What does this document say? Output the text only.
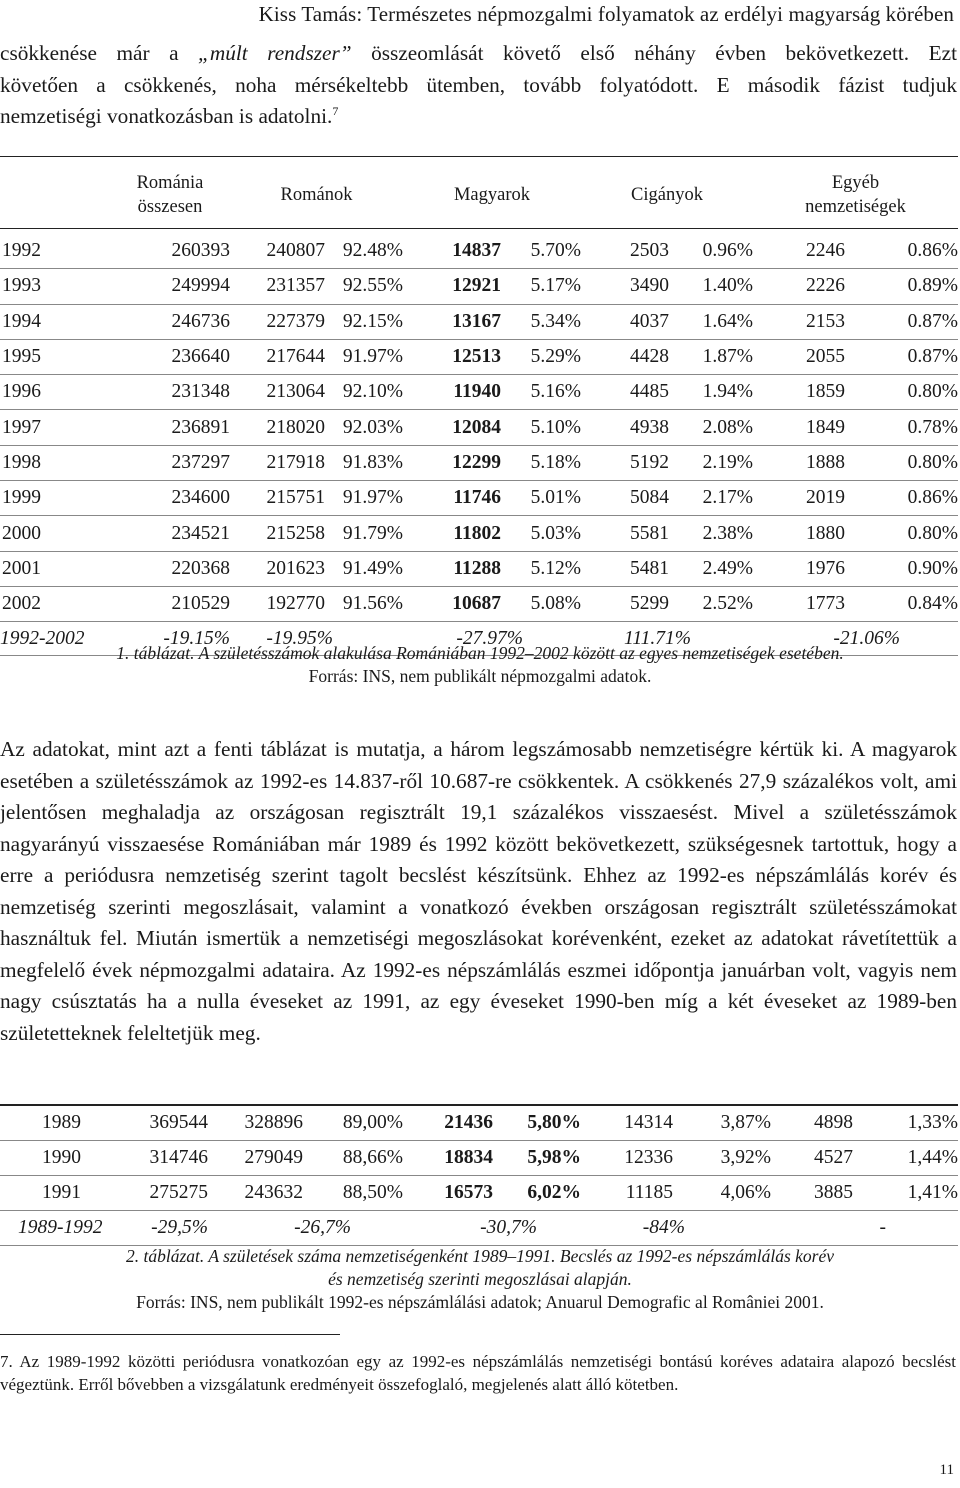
Kiss Tamás: Természetes népmozgalmi folyamatok az erdélyi magyarság körében
csökkenése már a „múlt rendszer” összeomlását követő első néhány évben bekövetkezett. Ezt
követően a csökkenés, noha mérsékeltebb ütemben, tovább folyatódott. E második fázist tudjuk
nemzetiségi vonatkozásban is adatolni.$^7$
	Románia
összesen	Románok		Magyarok		Cigányok		Egyéb
nemzetiségek	
1992	260393	240807	92.48%	14837	5.70%	2503	0.96%	2246	0.86%
1993	249994	231357	92.55%	12921	5.17%	3490	1.40%	2226	0.89%
1994	246736	227379	92.15%	13167	5.34%	4037	1.64%	2153	0.87%
1995	236640	217644	91.97%	12513	5.29%	4428	1.87%	2055	0.87%
1996	231348	213064	92.10%	11940	5.16%	4485	1.94%	1859	0.80%
1997	236891	218020	92.03%	12084	5.10%	4938	2.08%	1849	0.78%
1998	237297	217918	91.83%	12299	5.18%	5192	2.19%	1888	0.80%
1999	234600	215751	91.97%	11746	5.01%	5084	2.17%	2019	0.86%
2000	234521	215258	91.79%	11802	5.03%	5581	2.38%	1880	0.80%
2001	220368	201623	91.49%	11288	5.12%	5481	2.49%	1976	0.90%
2002	210529	192770	91.56%	10687	5.08%	5299	2.52%	1773	0.84%
1992-2002	-19.15%	-19.95%		-27.97%		111.71%		-21.06%	
1. táblázat. A születésszámok alakulása Romániában 1992–2002 között az egyes nemzetiségek esetében.
Forrás: INS, nem publikált népmozgalmi adatok.

Az adatokat, mint azt a fenti táblázat is mutatja, a három legszámosabb nemzetiségre kértük ki. A magyarok esetében a születésszámok az 1992-es 14.837-ről 10.687-re csökkentek. A csökkenés 27,9 százalékos volt, ami jelentősen meghaladja az országosan regisztrált 19,1 százalékos visszaesést. Mivel a születésszámok nagyarányú visszaesése Romániában már 1989 és 1992 között bekövetkezett, szükségesnek tartottuk, hogy a erre a periódusra nemzetiség szerint tagolt becslést készítsünk. Ehhez az 1992-es népszámlálás korév és nemzetiség szerinti megoszlásait, valamint a vonatkozó években országosan regisztrált születésszámokat használtuk fel. Miután ismertük a nemzetiségi megoszlásokat korévenként, ezeket az adatokat rávetítettük a megfelelő évek népmozgalmi adataira. Az 1992-es népszámlálás eszmei időpontja januárban volt, vagyis nem nagy csúsztatás ha a nulla éveseket az 1991, az egy éveseket 1990-ben míg a két éveseket az 1989-ben születetteknek feleltetjük meg.

1989	369544	328896	89,00%	21436	5,80%	14314	3,87%	4898	1,33%
1990	314746	279049	88,66%	18834	5,98%	12336	3,92%	4527	1,44%
1991	275275	243632	88,50%	16573	6,02%	11185	4,06%	3885	1,41%
1989-1992	-29,5%	-26,7%		-30,7%		-84%		-	
2. táblázat. A születések száma nemzetiségenként 1989–1991. Becslés az 1992-es népszámlálás korév
és nemzetiség szerinti megoszlásai alapján.
Forrás: INS, nem publikált 1992-es népszámlálási adatok; Anuarul Demografic al României 2001.

7. Az 1989-1992 közötti periódusra vonatkozóan egy az 1992-es népszámlálás nemzetiségi bontású koréves adataira alapozó becslést végeztünk. Erről bővebben a vizsgálatunk eredményeit összefoglaló, megjelenés alatt álló kötetben.

11
